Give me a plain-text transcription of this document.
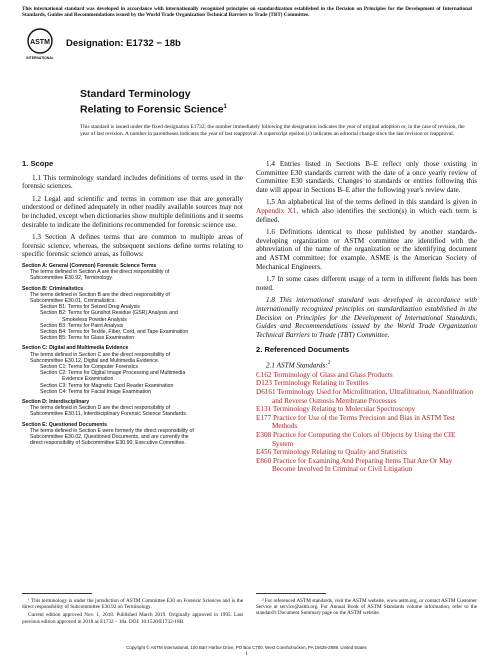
This international standard was developed in accordance with internationally recognized principles on standardization established in the Decision on Principles for the Development of International Standards, Guides and Recommendations issued by the World Trade Organization Technical Barriers to Trade (TBT) Committee.
ASTM
INTERNATIONAL
Designation: E1732 − 18b
Standard Terminology
Relating to Forensic Science$^1$
This standard is issued under the fixed designation E1732; the number immediately following the designation indicates the year of original adoption or, in the case of revision, the year of last revision. A number in parentheses indicates the year of last reapproval. A superscript epsilon (ε) indicates an editorial change since the last revision or reapproval.
1. Scope

1.1 This terminology standard includes definitions of terms used in the forensic sciences.

1.2 Legal and scientific and terms in common use that are generally understood or defined adequately in other readily available sources may not be included, except when dictionaries show multiple definitions and it seems desirable to indicate the definitions recommended for forensic science use.

1.3 Section A defines terms that are common to multiple areas of forensic science, whereas, the subsequent sections define terms relating to specific forensic science areas, as follows:

Section A: General (Common) Forensic Science Terms
The terms defined in Section A are the direct responsibility of
Subcommittee E30.92, Terminology.
Section B: Criminalistics
The terms defined in Section B are the direct responsibility of
Subcommittee E30.01, Criminalistics.
Section B1: Terms for Seized Drug Analysis
Section B2: Terms for Gunshot Residue (GSR) Analysis and
Smokeless Powder Analysis
Section B3: Terms for Paint Analysis
Section B4: Terms for Textile, Fiber, Cord, and Tape Examination
Section B5: Terms for Glass Examination
Section C: Digital and Multimedia Evidence
The terms defined in Section C are the direct responsibility of
Subcommittee E30.12, Digital and Multimedia Evidence.
Section C1: Terms for Computer Forensics
Section C2: Terms for Digital Image Processing and Multimedia
Evidence Examination
Section C3: Terms for Magnetic Card Reader Examination
Section C4: Terms for Facial Image Examination
Section D: Interdisciplinary
The terms defined in Section D are the direct responsibility of
Subcommittee E30.11, Interdisciplinary Forensic Science Standards.
Section E: Questioned Documents
The terms defined in Section E were formerly the direct responsibility of
Subcommittee E30.02, Questioned Documents, and are currently the
direct responsibility of Subcommittee E30.90, Executive Committee.

1.4 Entries listed in Sections B–E reflect only those existing in Committee E30 standards current with the date of a once yearly review of Committee E30 standards. Changes to standards or entries following this date will appear in Sections B–E after the following year's review date.

1.5 An alphabetical list of the terms defined in this standard is given in Appendix X1, which also identifies the section(s) in which each term is defined.

1.6 Definitions identical to those published by another standards-developing organization or ASTM committee are identified with the abbreviation of the name of the organization or the identifying document and ASTM committee; for example, ASME is the American Society of Mechanical Engineers.

1.7 In some cases different usage of a term in different fields has been noted.

1.8 This international standard was developed in accordance with internationally recognized principles on standardization established in the Decision on Principles for the Development of International Standards, Guides and Recommendations issued by the World Trade Organization Technical Barriers to Trade (TBT) Committee.

2. Referenced Documents

2.1 ASTM Standards:$^2$

C162 Terminology of Glass and Glass Products

D123 Terminology Relating to Textiles

D6161 Terminology Used for Microfiltration, Ultrafiltration, Nanofiltration and Reverse Osmosis Membrane Processes

E131 Terminology Relating to Molecular Spectroscopy

E177 Practice for Use of the Terms Precision and Bias in ASTM Test Methods

E308 Practice for Computing the Colors of Objects by Using the CIE System

E456 Terminology Relating to Quality and Statistics

E860 Practice for Examining And Preparing Items That Are Or May Become Involved In Criminal or Civil Litigation

¹ This terminology is under the jurisdiction of ASTM Committee E30 on Forensic Sciences and is the direct responsibility of Subcommittee E30.92 on Terminology.

Current edition approved Nov. 1, 2018. Published March 2019. Originally approved in 1995. Last previous edition approved in 2018 as E1732 – 18a. DOI: 10.1520/E1732-18B.

² For referenced ASTM standards, visit the ASTM website, www.astm.org, or contact ASTM Customer Service at service@astm.org. For Annual Book of ASTM Standards volume information, refer to the standard's Document Summary page on the ASTM website.

Copyright © ASTM International, 100 Barr Harbor Drive, PO Box C700, West Conshohocken, PA 19428-2959. United States
1
